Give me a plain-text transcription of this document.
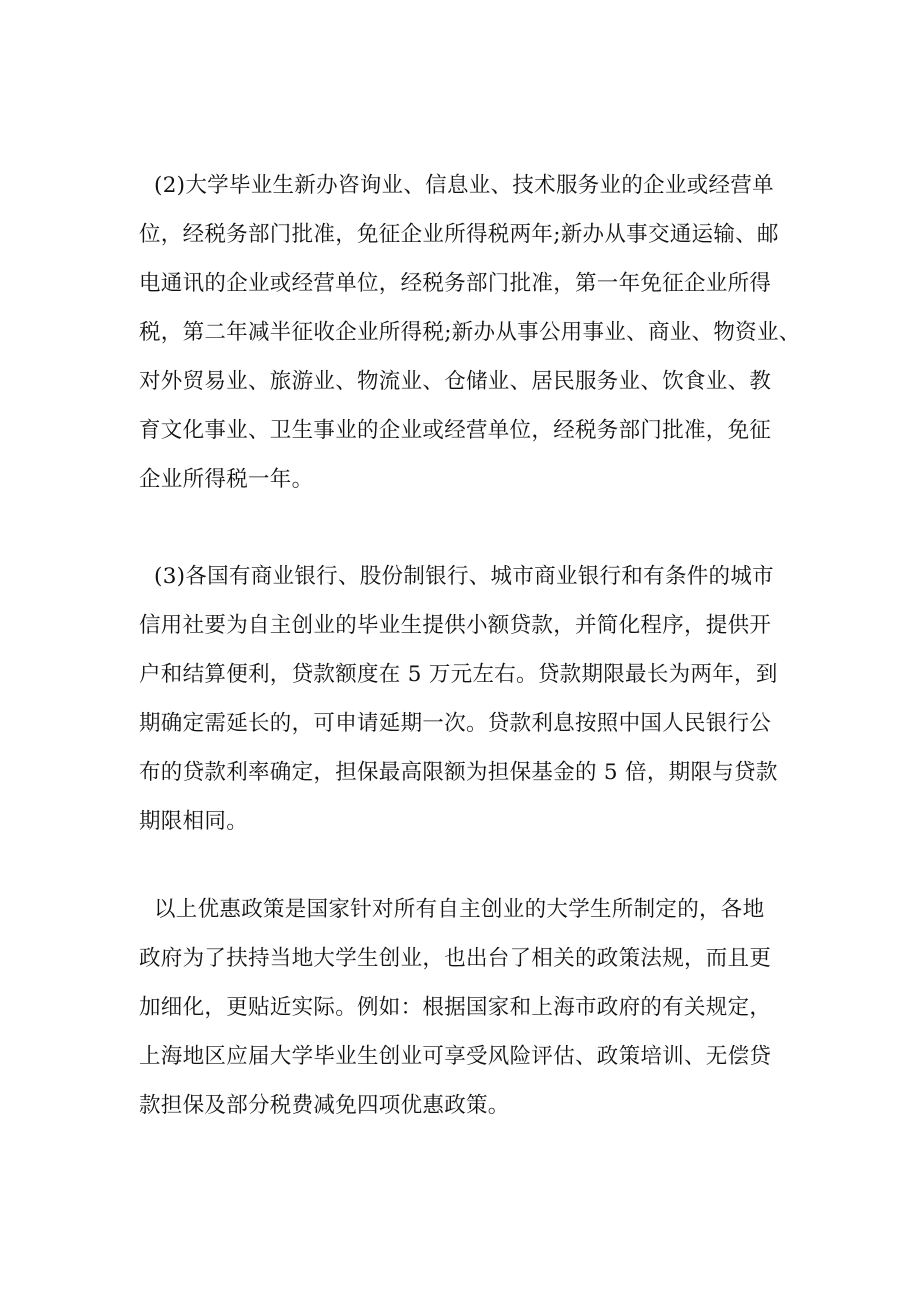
(2)大学毕业生新办咨询业、信息业、技术服务业的企业或经营单
位，经税务部门批准，免征企业所得税两年;新办从事交通运输、邮
电通讯的企业或经营单位，经税务部门批准，第一年免征企业所得
税，第二年减半征收企业所得税;新办从事公用事业、商业、物资业、
对外贸易业、旅游业、物流业、仓储业、居民服务业、饮食业、教
育文化事业、卫生事业的企业或经营单位，经税务部门批准，免征
企业所得税一年。
(3)各国有商业银行、股份制银行、城市商业银行和有条件的城市
信用社要为自主创业的毕业生提供小额贷款，并简化程序，提供开
户和结算便利，贷款额度在 5 万元左右。贷款期限最长为两年，到
期确定需延长的，可申请延期一次。贷款利息按照中国人民银行公
布的贷款利率确定，担保最高限额为担保基金的 5 倍，期限与贷款
期限相同。
以上优惠政策是国家针对所有自主创业的大学生所制定的，各地
政府为了扶持当地大学生创业，也出台了相关的政策法规，而且更
加细化，更贴近实际。例如：根据国家和上海市政府的有关规定，
上海地区应届大学毕业生创业可享受风险评估、政策培训、无偿贷
款担保及部分税费减免四项优惠政策。
